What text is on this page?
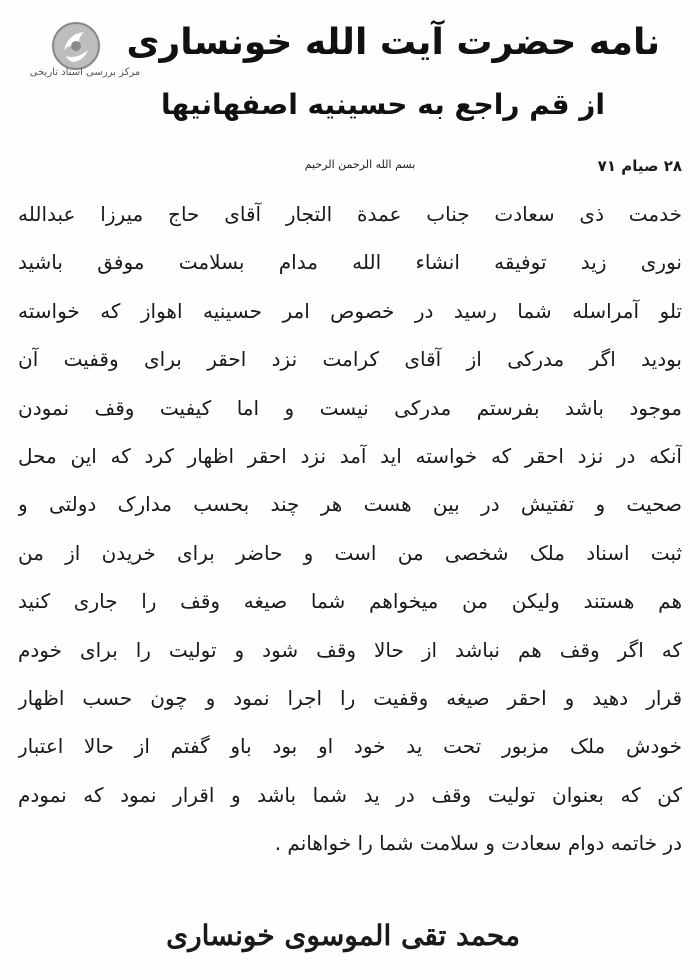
مرکز بررسی اسناد تاریخی
نامه حضرت آیت الله خونساری
از قم راجع به حسینیه اصفهانیها
بسم الله الرحمن الرحیم	۲۸ صیام ۷۱
خدمت ذی سعادت جناب عمدة التجار آقای حاج میرزا عبدالله
نوری زید توفیقه انشاء الله مدام بسلامت موفق باشید
تلو آمراسله شما رسید در خصوص امر حسینیه اهواز که خواسته
بودید اگر مدرکی از آقای کرامت نزد احقر برای وقفیت آن
موجود باشد بفرستم مدرکی نیست و اما کیفیت وقف نمودن
آنکه در نزد احقر که خواسته اید آمد نزد احقر اظهار کرد که این محل
صحیت و تفتیش در بین هست هر چند بحسب مدارک دولتی و
ثبت اسناد ملک شخصی من است و حاضر برای خریدن از من
هم هستند ولیکن من میخواهم شما صیغه وقف را جاری کنید
که اگر وقف هم نباشد از حالا وقف شود و تولیت را برای خودم
قرار دهید و احقر صیغه وقفیت را اجرا نمود و چون حسب اظهار
خودش ملک مزبور تحت ید خود او بود باو گفتم از حالا اعتبار
کن که بعنوان تولیت وقف در ید شما باشد و اقرار نمود که نمودم
در خاتمه دوام سعادت و سلامت شما را خواهانم .
محمد تقی الموسوی خونساری
